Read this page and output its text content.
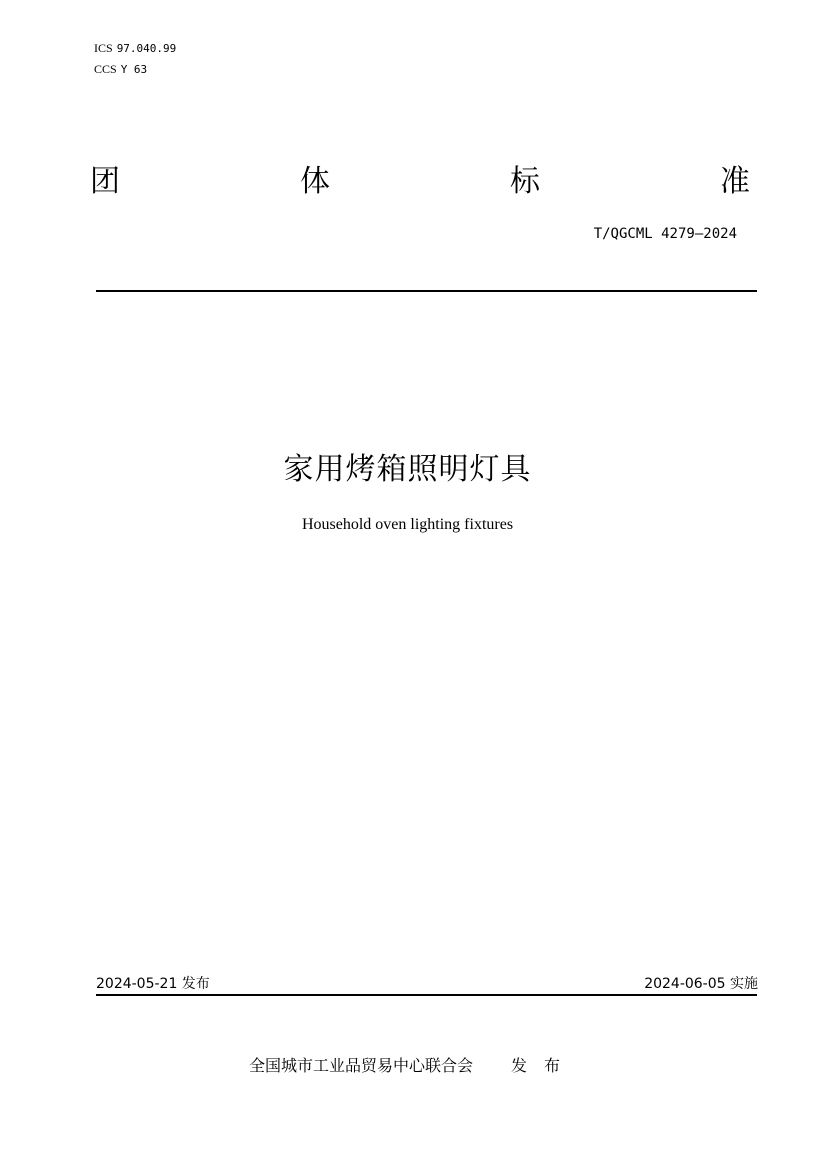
ICS 97.040.99
CCS Y 63
团	体	标	准
T/QGCML 4279—2024
家用烤箱照明灯具
Household oven lighting fixtures
2024-05-21 发布	2024-06-05 实施
全国城市工业品贸易中心联合会 发 布
